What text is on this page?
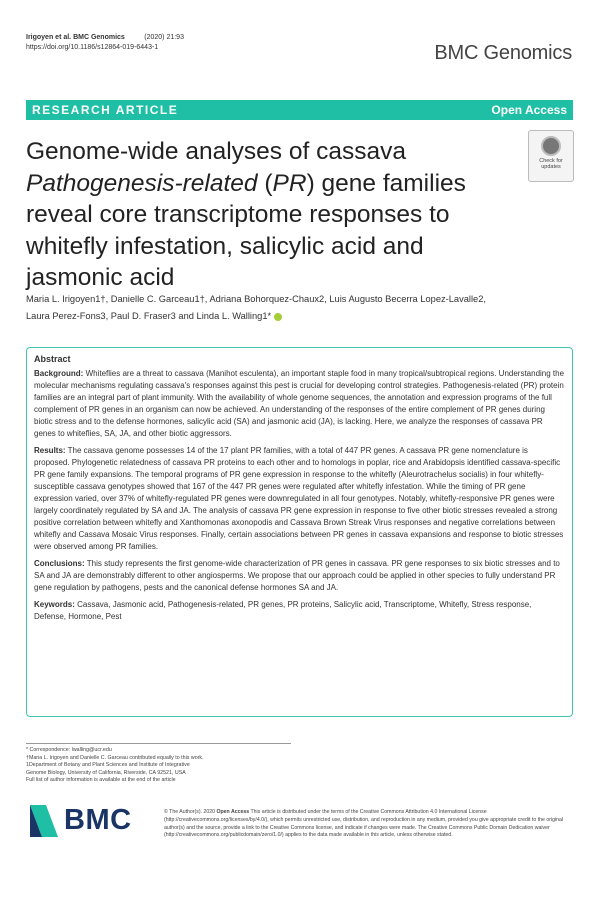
Irigoyen et al. BMC Genomics	(2020) 21:93
https://doi.org/10.1186/s12864-019-6443-1	BMC Genomics
RESEARCH ARTICLE	Open Access
Genome-wide analyses of cassava
Pathogenesis-related (PR) gene families
reveal core transcriptome responses to
whitefly infestation, salicylic acid and
jasmonic acid
Check for
updates
Maria L. Irigoyen1†, Danielle C. Garceau1†, Adriana Bohorquez-Chaux2, Luis Augusto Becerra Lopez-Lavalle2,
Laura Perez-Fons3, Paul D. Fraser3 and Linda L. Walling1*
Abstract

Background: Whiteflies are a threat to cassava (Manihot esculenta), an important staple food in many tropical/subtropical regions. Understanding the molecular mechanisms regulating cassava's responses against this pest is crucial for developing control strategies. Pathogenesis-related (PR) protein families are an integral part of plant immunity. With the availability of whole genome sequences, the annotation and expression programs of the full complement of PR genes in an organism can now be achieved. An understanding of the responses of the entire complement of PR genes during biotic stress and to the defense hormones, salicylic acid (SA) and jasmonic acid (JA), is lacking. Here, we analyze the responses of cassava PR genes to whiteflies, SA, JA, and other biotic aggressors.

Results: The cassava genome possesses 14 of the 17 plant PR families, with a total of 447 PR genes. A cassava PR gene nomenclature is proposed. Phylogenetic relatedness of cassava PR proteins to each other and to homologs in poplar, rice and Arabidopsis identified cassava-specific PR gene family expansions. The temporal programs of PR gene expression in response to the whitefly (Aleurotrachelus socialis) in four whitefly-susceptible cassava genotypes showed that 167 of the 447 PR genes were regulated after whitefly infestation. While the timing of PR gene expression varied, over 37% of whitefly-regulated PR genes were downregulated in all four genotypes. Notably, whitefly-responsive PR genes were largely coordinately regulated by SA and JA. The analysis of cassava PR gene expression in response to five other biotic stresses revealed a strong positive correlation between whitefly and Xanthomonas axonopodis and Cassava Brown Streak Virus responses and negative correlations between whitefly and Cassava Mosaic Virus responses. Finally, certain associations between PR genes in cassava expansions and response to biotic stresses were observed among PR families.

Conclusions: This study represents the first genome-wide characterization of PR genes in cassava. PR gene responses to six biotic stresses and to SA and JA are demonstrably different to other angiosperms. We propose that our approach could be applied in other species to fully understand PR gene regulation by pathogens, pests and the canonical defense hormones SA and JA.

Keywords: Cassava, Jasmonic acid, Pathogenesis-related, PR genes, PR proteins, Salicylic acid, Transcriptome, Whitefly, Stress response, Defense, Hormone, Pest

* Correspondence: lwalling@ucr.edu
†Maria L. Irigoyen and Danielle C. Garceau contributed equally to this work.
1Department of Botany and Plant Sciences and Institute of Integrative
Genome Biology, University of California, Riverside, CA 92521, USA
Full list of author information is available at the end of the article
BMC	© The Author(s). 2020 Open Access This article is distributed under the terms of the Creative Commons Attribution 4.0 International License (http://creativecommons.org/licenses/by/4.0/), which permits unrestricted use, distribution, and reproduction in any medium, provided you give appropriate credit to the original author(s) and the source, provide a link to the Creative Commons license, and indicate if changes were made. The Creative Commons Public Domain Dedication waiver (http://creativecommons.org/publicdomain/zero/1.0/) applies to the data made available in this article, unless otherwise stated.
